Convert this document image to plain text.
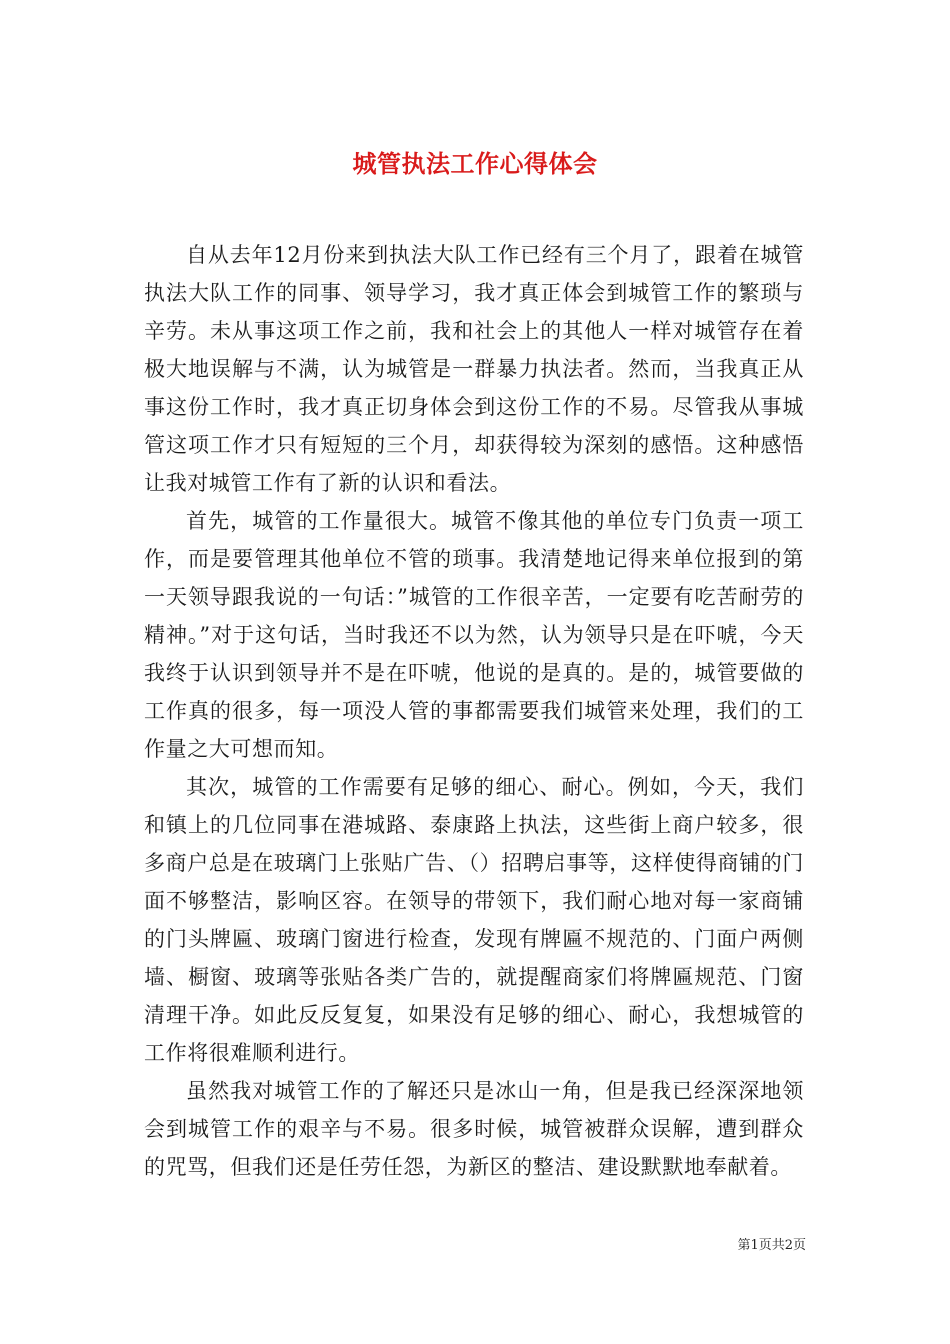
城管执法工作心得体会

自从去年12月份来到执法大队工作已经有三个月了，跟着在城管执法大队工作的同事、领导学习，我才真正体会到城管工作的繁琐与辛劳。未从事这项工作之前，我和社会上的其他人一样对城管存在着极大地误解与不满，认为城管是一群暴力执法者。然而，当我真正从事这份工作时，我才真正切身体会到这份工作的不易。尽管我从事城管这项工作才只有短短的三个月，却获得较为深刻的感悟。这种感悟让我对城管工作有了新的认识和看法。

首先，城管的工作量很大。城管不像其他的单位专门负责一项工作，而是要管理其他单位不管的琐事。我清楚地记得来单位报到的第一天领导跟我说的一句话：”城管的工作很辛苦，一定要有吃苦耐劳的精神。”对于这句话，当时我还不以为然，认为领导只是在吓唬，今天我终于认识到领导并不是在吓唬，他说的是真的。是的，城管要做的工作真的很多，每一项没人管的事都需要我们城管来处理，我们的工作量之大可想而知。

其次，城管的工作需要有足够的细心、耐心。例如，今天，我们和镇上的几位同事在港城路、泰康路上执法，这些街上商户较多，很多商户总是在玻璃门上张贴广告、（）招聘启事等，这样使得商铺的门面不够整洁，影响区容。在领导的带领下，我们耐心地对每一家商铺的门头牌匾、玻璃门窗进行检查，发现有牌匾不规范的、门面户两侧墙、橱窗、玻璃等张贴各类广告的，就提醒商家们将牌匾规范、门窗清理干净。如此反反复复，如果没有足够的细心、耐心，我想城管的工作将很难顺利进行。

虽然我对城管工作的了解还只是冰山一角，但是我已经深深地领会到城管工作的艰辛与不易。很多时候，城管被群众误解，遭到群众的咒骂，但我们还是任劳任怨，为新区的整洁、建设默默地奉献着。

第1页共2页
